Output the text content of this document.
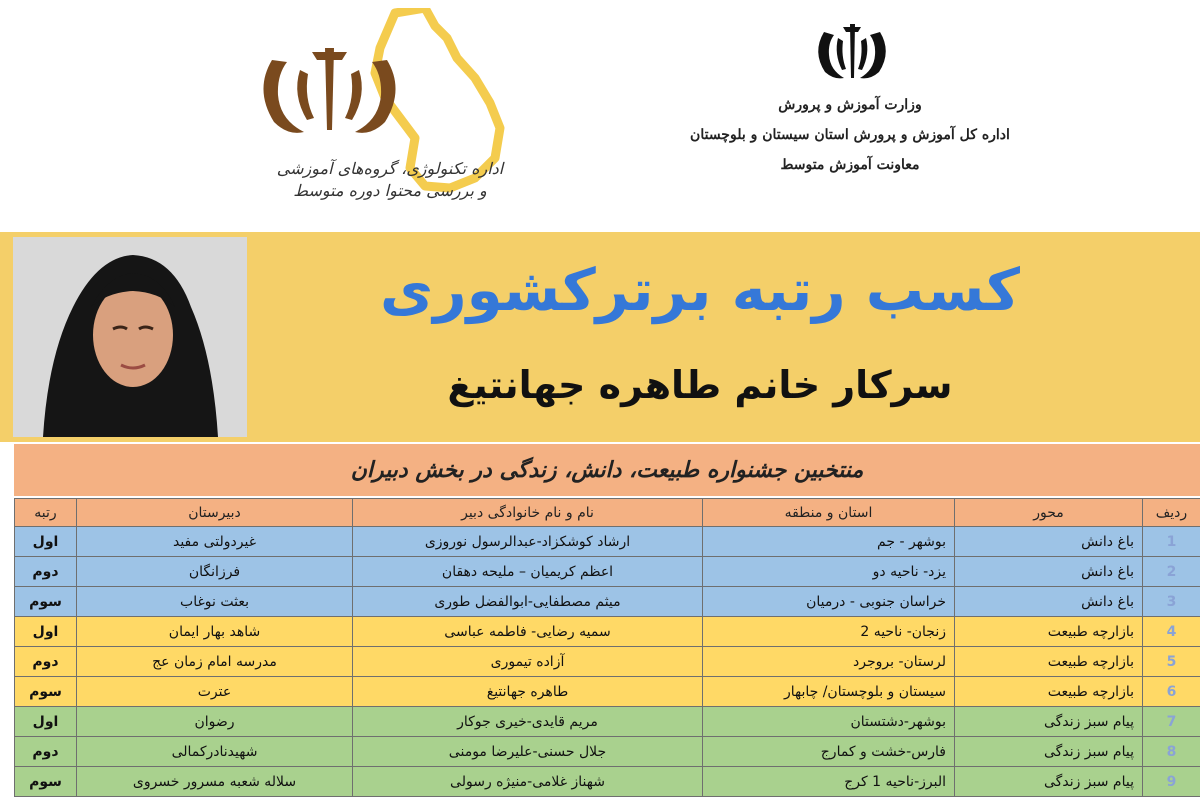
اداره تکنولوژی، گروه‌های آموزشی
و بررسی محتوا دوره متوسط
وزارت آموزش و پرورش
اداره کل آموزش و پرورش استان سیستان و بلوچستان
معاونت آموزش متوسط
کسب رتبه برترکشوری
سرکار خانم طاهره جهانتیغ
منتخبین جشنواره طبیعت، دانش، زندگی در بخش دبیران
ردیف	محور	استان و منطقه	نام و نام خانوادگی دبیر	دبیرستان	رتبه
1	باغ دانش	بوشهر - جم	ارشاد کوشکزاد-عبدالرسول نوروزی	غیردولتی مفید	اول
2	باغ دانش	یزد- ناحیه دو	اعظم کریمیان – ملیحه دهقان	فرزانگان	دوم
3	باغ دانش	خراسان جنوبی - درمیان	میثم مصطفایی-ابوالفضل طوری	بعثت نوغاب	سوم
4	بازارچه طبیعت	زنجان- ناحیه 2	سمیه رضایی- فاطمه عباسی	شاهد بهار ایمان	اول
5	بازارچه طبیعت	لرستان- بروجرد	آزاده تیموری	مدرسه امام زمان عج	دوم
6	بازارچه طبیعت	سیستان و بلوچستان/ چابهار	طاهره جهانتیغ	عترت	سوم
7	پیام سبز زندگی	بوشهر-دشتستان	مریم قایدی-خیری جوکار	رضوان	اول
8	پیام سبز زندگی	فارس-خشت و کمارج	جلال حسنی-علیرضا مومنی	شهیدنادرکمالی	دوم
9	پیام سبز زندگی	البرز-ناحیه 1 کرج	شهناز غلامی-منیژه رسولی	سلاله شعبه مسرور خسروی	سوم
